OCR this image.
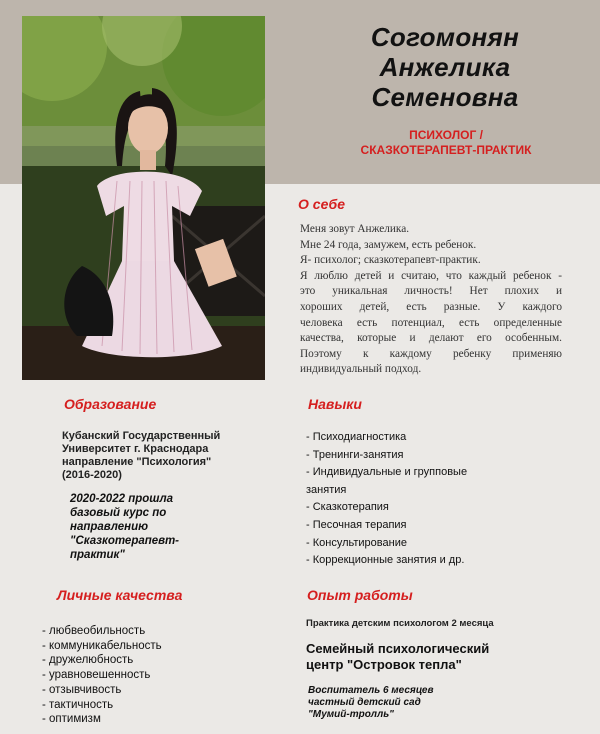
Согомонян
Анжелика
Семеновна
ПСИХОЛОГ /
СКАЗКОТЕРАПЕВТ-ПРАКТИК
О себе
Меня зовут Анжелика.
Мне 24 года, замужем, есть ребенок.
Я- психолог; сказкотерапевт-практик.
Я люблю детей и считаю, что каждый ребенок -
это уникальная личность! Нет плохих и
хороших детей, есть разные. У каждого
человека есть потенциал, есть определенные
качества, которые и делают его особенным.
Поэтому к каждому ребенку применяю
индивидуальный подход.
Образование
Кубанский Государственный
Университет г. Краснодара
направление "Психология"
(2016-2020)
2020-2022 прошла
базовый курс по
направлению
"Сказкотерапевт-
практик"
Навыки
- Психодиагностика
- Тренинги-занятия
- Индивидуальные и групповые
занятия
- Сказкотерапия
- Песочная терапия
- Консультирование
- Коррекционные занятия и др.
Личные качества
- любвеобильность
- коммуникабельность
- дружелюбность
- уравновешенность
- отзывчивость
- тактичность
- оптимизм
Опыт работы
Практика детским психологом 2 месяца
Семейный психологический
центр "Островок тепла"
Воспитатель 6 месяцев
частный детский сад
"Мумий-тролль"
